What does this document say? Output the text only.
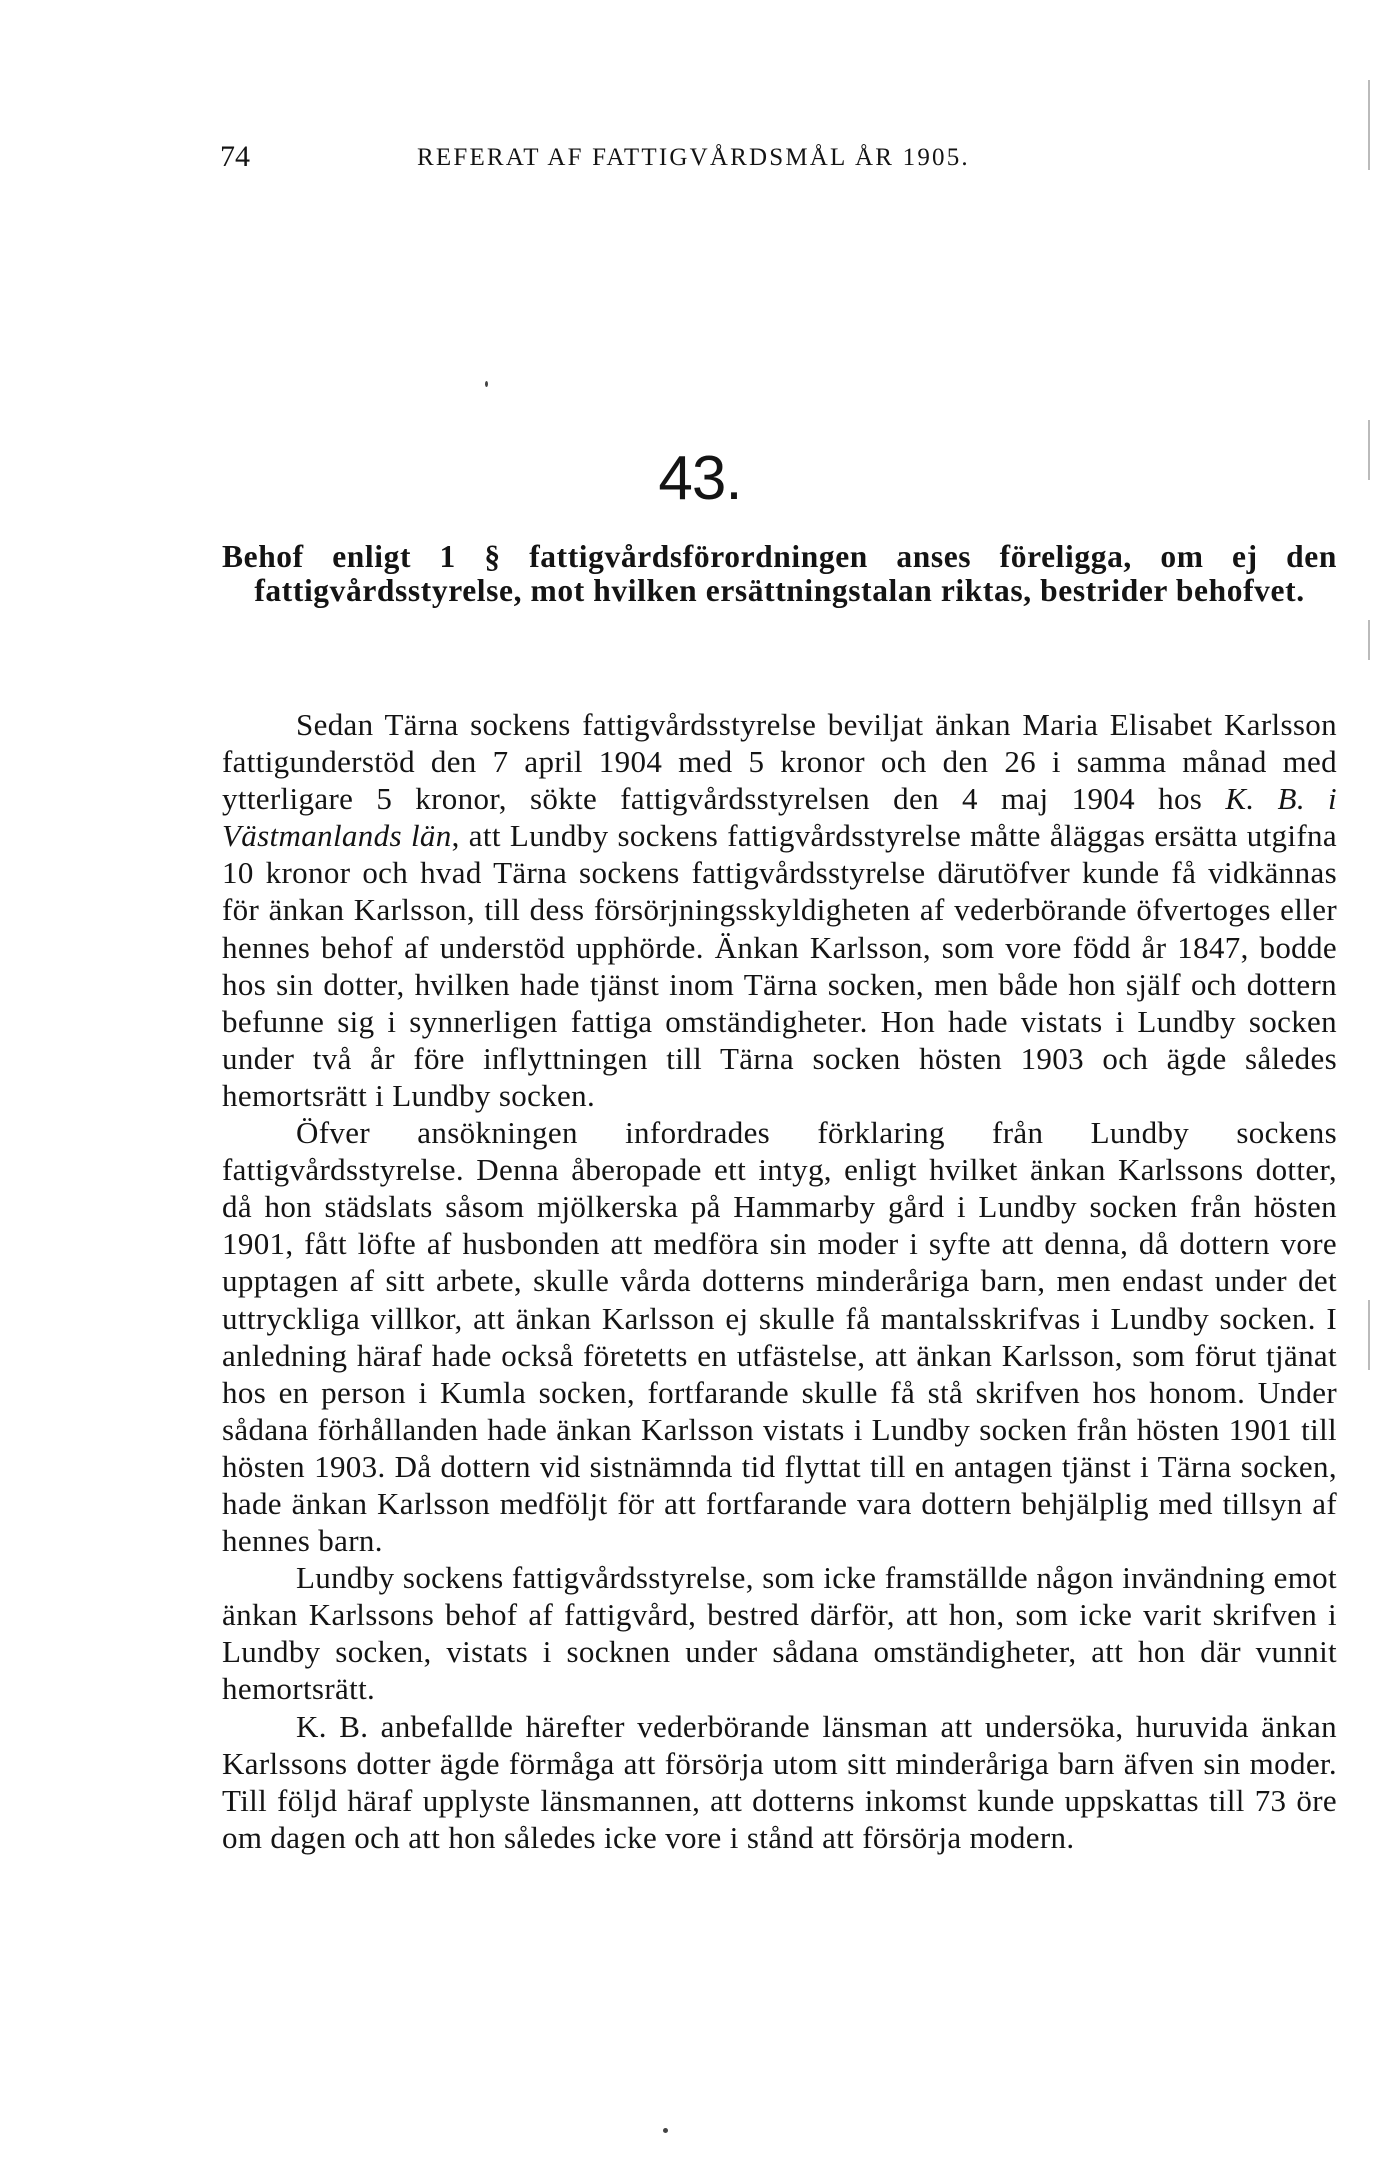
74	REFERAT AF FATTIGVÅRDSMÅL ÅR 1905.
43.
Behof enligt 1 § fattigvårdsförordningen anses föreligga, om ej den fattigvårdsstyrelse, mot hvilken ersättningstalan riktas, bestrider behofvet.

Sedan Tärna sockens fattigvårdsstyrelse beviljat änkan Maria Elisabet Karlsson fattigunderstöd den 7 april 1904 med 5 kronor och den 26 i samma månad med ytterligare 5 kronor, sökte fattigvårdsstyrelsen den 4 maj 1904 hos K. B. i Västmanlands län, att Lundby sockens fattigvårdsstyrelse måtte åläggas ersätta utgifna 10 kronor och hvad Tärna sockens fattigvårdsstyrelse därutöfver kunde få vidkännas för änkan Karlsson, till dess försörjningsskyldigheten af vederbörande öfvertoges eller hennes behof af understöd upphörde. Änkan Karlsson, som vore född år 1847, bodde hos sin dotter, hvilken hade tjänst inom Tärna socken, men både hon själf och dottern befunne sig i synnerligen fattiga omständigheter. Hon hade vistats i Lundby socken under två år före inflyttningen till Tärna socken hösten 1903 och ägde således hemortsrätt i Lundby socken.

Öfver ansökningen infordrades förklaring från Lundby sockens fattigvårdsstyrelse. Denna åberopade ett intyg, enligt hvilket änkan Karlssons dotter, då hon städslats såsom mjölkerska på Hammarby gård i Lundby socken från hösten 1901, fått löfte af husbonden att medföra sin moder i syfte att denna, då dottern vore upptagen af sitt arbete, skulle vårda dotterns minderåriga barn, men endast under det uttryckliga villkor, att änkan Karlsson ej skulle få mantalsskrifvas i Lundby socken. I anledning häraf hade också företetts en utfästelse, att änkan Karlsson, som förut tjänat hos en person i Kumla socken, fortfarande skulle få stå skrifven hos honom. Under sådana förhållanden hade änkan Karlsson vistats i Lundby socken från hösten 1901 till hösten 1903. Då dottern vid sistnämnda tid flyttat till en antagen tjänst i Tärna socken, hade änkan Karlsson medföljt för att fortfarande vara dottern behjälplig med tillsyn af hennes barn.

Lundby sockens fattigvårdsstyrelse, som icke framställde någon invändning emot änkan Karlssons behof af fattigvård, bestred därför, att hon, som icke varit skrifven i Lundby socken, vistats i socknen under sådana omständigheter, att hon där vunnit hemortsrätt.

K. B. anbefallde härefter vederbörande länsman att undersöka, huruvida änkan Karlssons dotter ägde förmåga att försörja utom sitt minderåriga barn äfven sin moder. Till följd häraf upplyste länsmannen, att dotterns inkomst kunde uppskattas till 73 öre om dagen och att hon således icke vore i stånd att försörja modern.
